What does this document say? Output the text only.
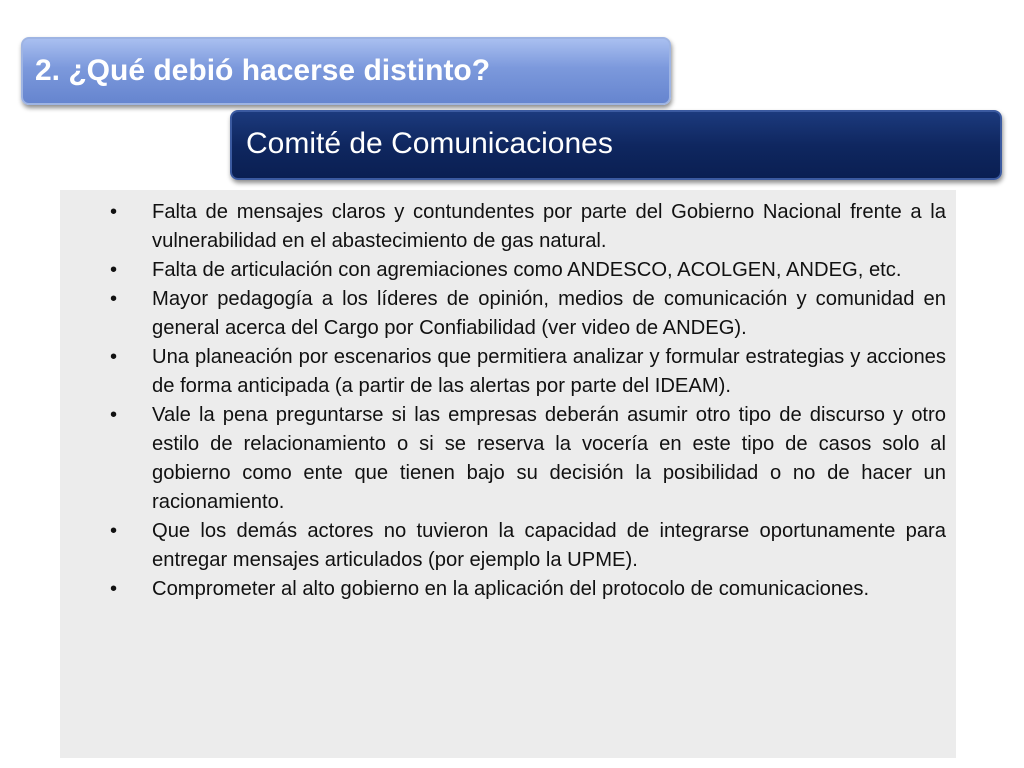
2. ¿Qué debió hacerse distinto?
Comité de Comunicaciones
• Falta de mensajes claros y contundentes por parte del Gobierno Nacional frente a la vulnerabilidad en el abastecimiento de gas natural.
• Falta de articulación con agremiaciones como ANDESCO, ACOLGEN, ANDEG, etc.
• Mayor pedagogía a los líderes de opinión, medios de comunicación y comunidad en general acerca del Cargo por Confiabilidad (ver video de ANDEG).
• Una planeación por escenarios que permitiera analizar y formular estrategias y acciones de forma anticipada (a partir de las alertas por parte del IDEAM).
• Vale la pena preguntarse si las empresas deberán asumir otro tipo de discurso y otro estilo de relacionamiento o si se reserva la vocería en este tipo de casos solo al gobierno como ente que tienen bajo su decisión la posibilidad o no de hacer un racionamiento.
• Que los demás actores no tuvieron la capacidad de integrarse oportunamente para entregar mensajes articulados (por ejemplo la UPME).
• Comprometer al alto gobierno en la aplicación del protocolo de comunicaciones.
